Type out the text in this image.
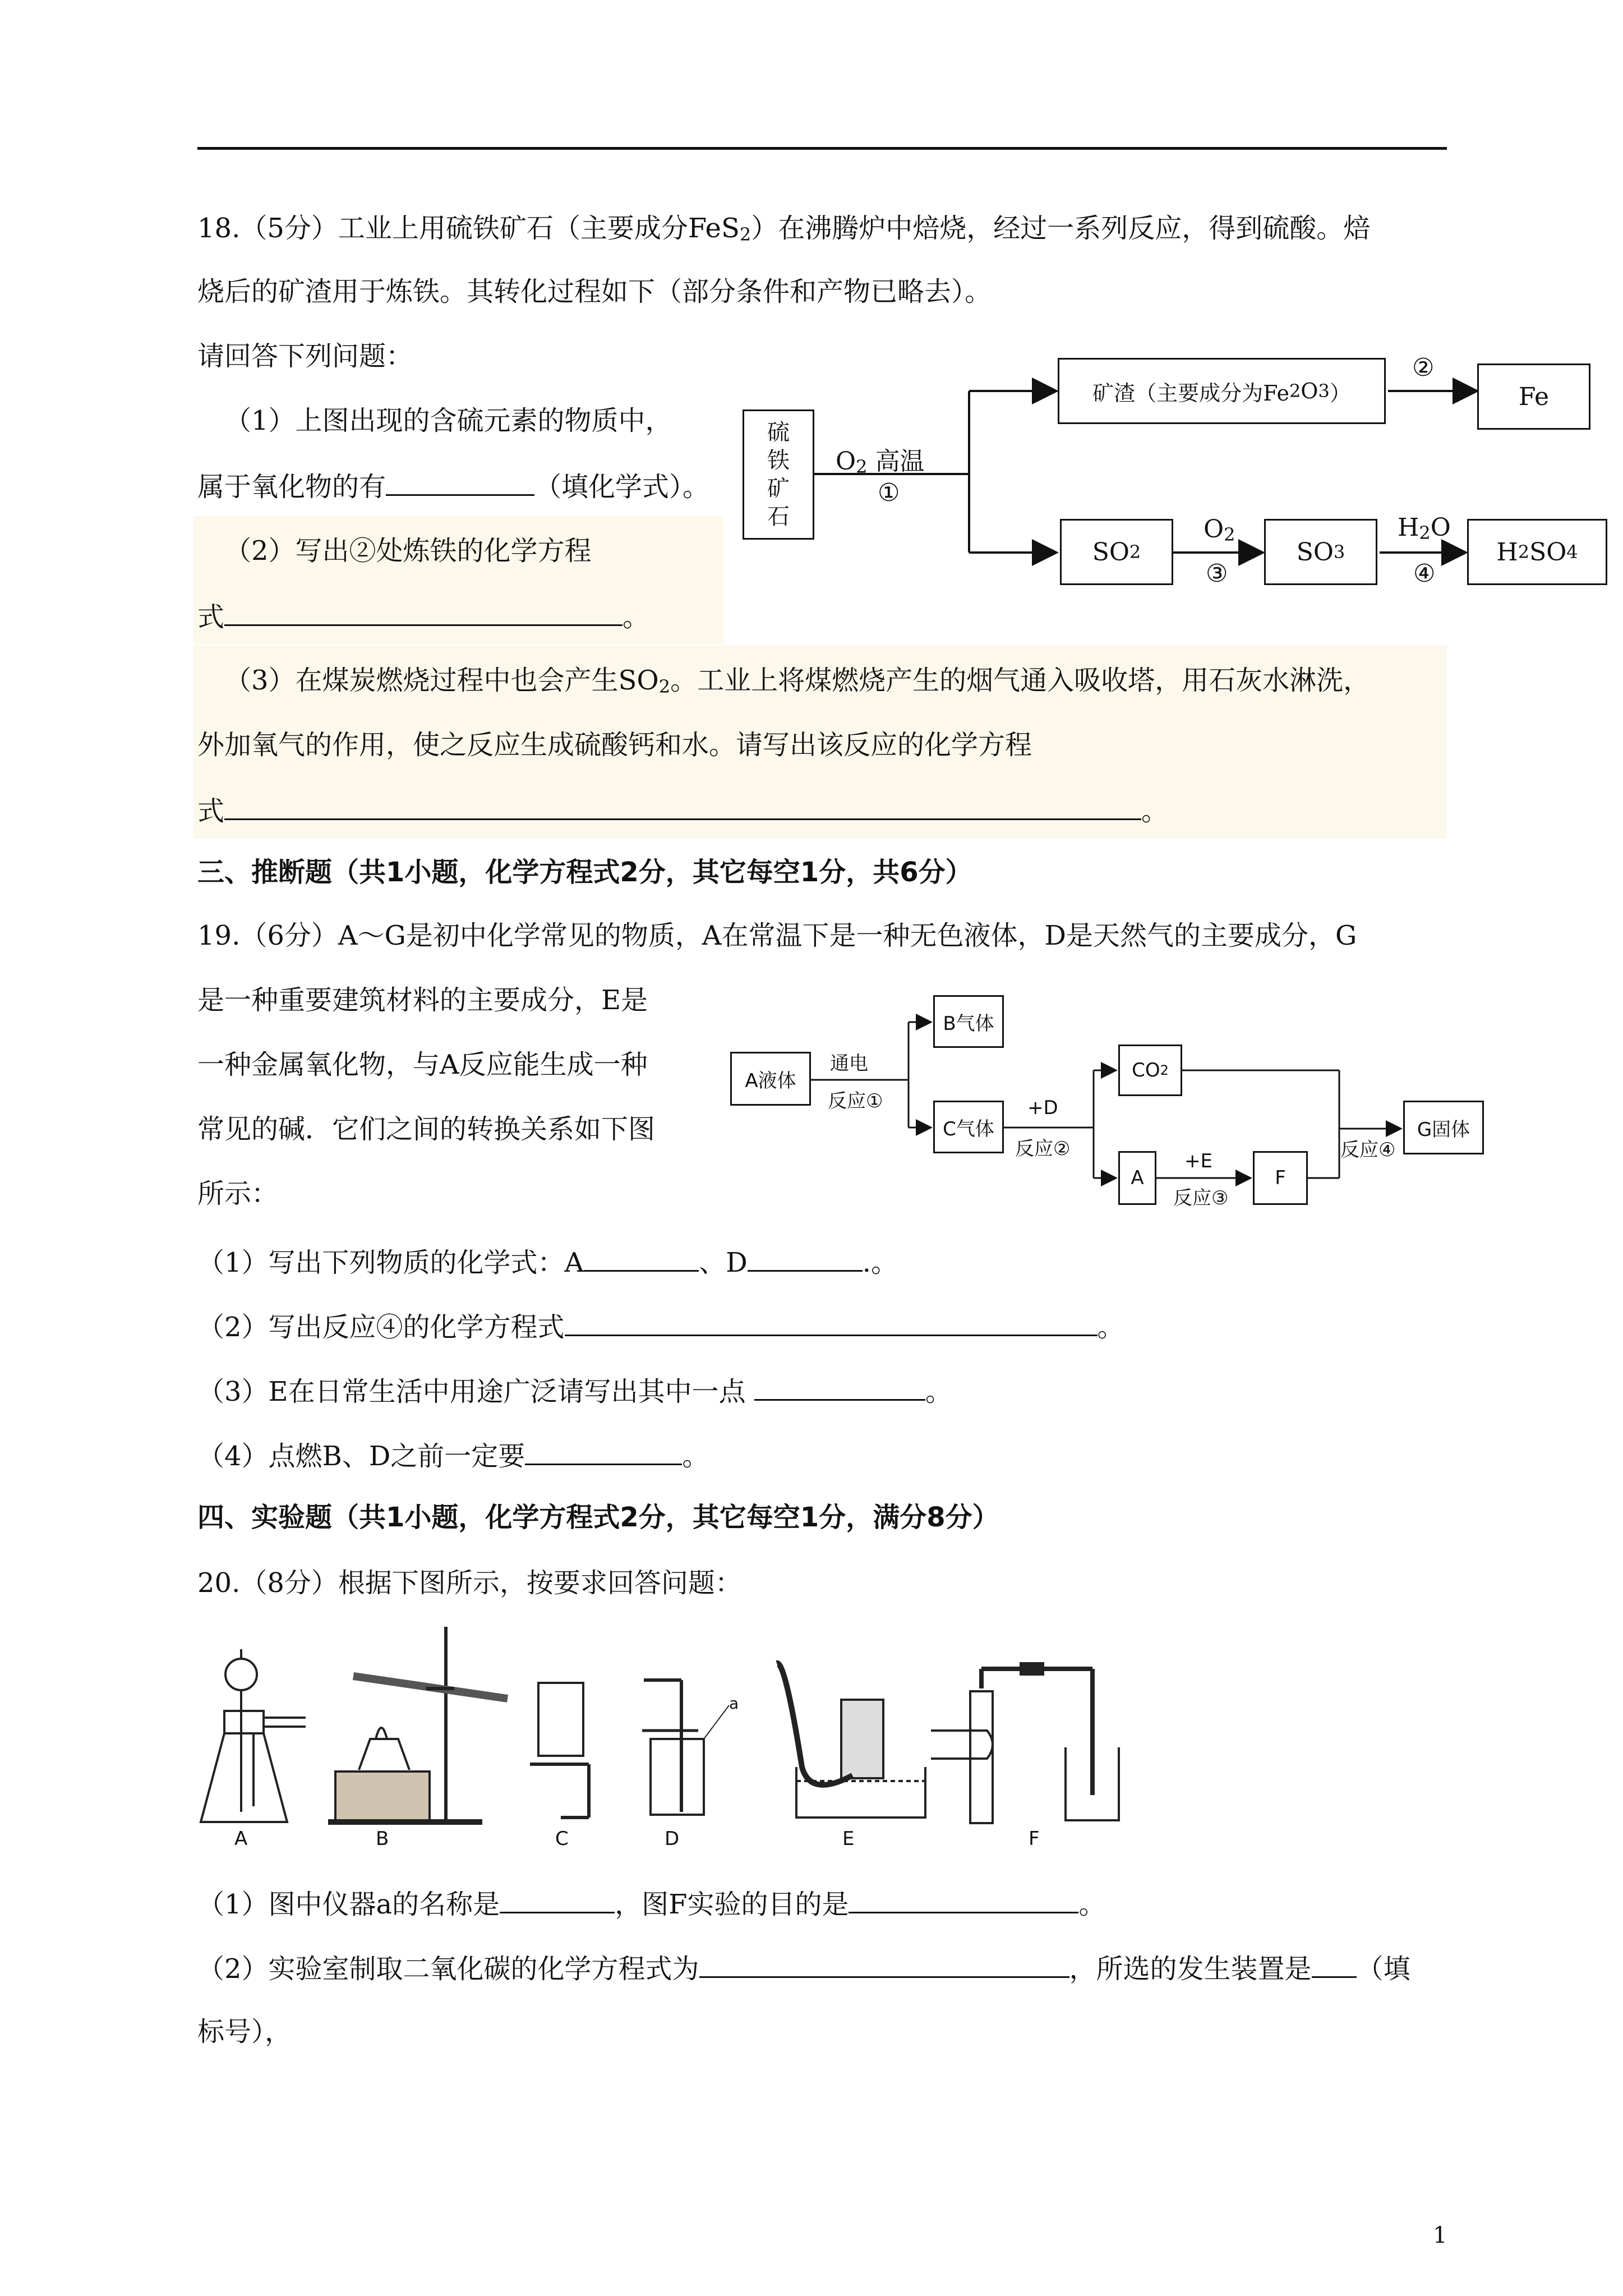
18.（5分）工业上用硫铁矿石（主要成分FeS$_2$）在沸腾炉中焙烧，经过一系列反应，得到硫酸。焙
烧后的矿渣用于炼铁。其转化过程如下（部分条件和产物已略去）。
请回答下列问题：
（1）上图出现的含硫元素的物质中，
属于氧化物的有	（填化学式）。
（2）写出②处炼铁的化学方程
式	。
（3）在煤炭燃烧过程中也会产生$SO_2$。工业上将煤燃烧产生的烟气通入吸收塔，用石灰水淋洗，
外加氧气的作用，使之反应生成硫酸钙和水。请写出该反应的化学方程
式	。
硫
铁
矿
石
$O_2$ 高温
①
矿渣（主要成分为Fe 2 O 3 ）
②
Fe
SO 2
$O_2$
③
SO 3
$H_2O$
④
H 2 SO 4
三、推断题（共1小题，化学方程式2分，其它每空1分，共6分）
19.（6分）A～G是初中化学常见的物质，A在常温下是一种无色液体，D是天然气的主要成分，G
是一种重要建筑材料的主要成分，E是
一种金属氧化物，与A反应能生成一种
常见的碱．它们之间的转换关系如下图
所示：
（1）写出下列物质的化学式：A	、D	.。
（2）写出反应④的化学方程式	。
（3）E在日常生活中用途广泛请写出其中一点	。
（4）点燃B、D之前一定要	。
A液体
通电
反应①
B气体
C气体
+D
反应②
CO 2
A
+E
反应③
F
反应④
G固体
四、实验题（共1小题，化学方程式2分，其它每空1分，满分8分）
20.（8分）根据下图所示，按要求回答问题：
A	B	C	D	E	F
a
（1）图中仪器a的名称是	，图F实验的目的是	。
（2）实验室制取二氧化碳的化学方程式为	，所选的发生装置是 （填
标号），
1
